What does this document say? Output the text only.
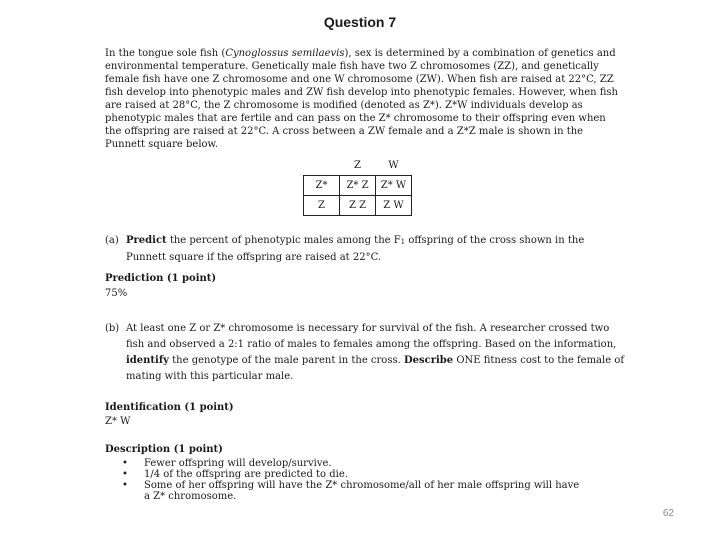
Question 7

In the tongue sole fish (Cynoglossus semilaevis), sex is determined by a combination of genetics and environmental temperature. Genetically male fish have two Z chromosomes (ZZ), and genetically female fish have one Z chromosome and one W chromosome (ZW). When fish are raised at 22°C, ZZ fish develop into phenotypic males and ZW fish develop into phenotypic females. However, when fish are raised at 28°C, the Z chromosome is modified (denoted as Z*). Z*W individuals develop as phenotypic males that are fertile and can pass on the Z* chromosome to their offspring even when the offspring are raised at 22°C. A cross between a ZW female and a Z*Z male is shown in the Punnett square below.

	Z	W
Z*	Z* Z	Z* W
Z	Z Z	Z W
(a) Predict the percent of phenotypic males among the F1 offspring of the cross shown in the Punnett square if the offspring are raised at 22°C.
Prediction (1 point)
75%
(b) At least one Z or Z* chromosome is necessary for survival of the fish. A researcher crossed two fish and observed a 2:1 ratio of males to females among the offspring. Based on the information, identify the genotype of the male parent in the cross. Describe ONE fitness cost to the female of mating with this particular male.
Identification (1 point)
Z* W
Description (1 point)
• Fewer offspring will develop/survive.
• 1/4 of the offspring are predicted to die.
• Some of her offspring will have the Z* chromosome/all of her male offspring will have a Z* chromosome.
62
